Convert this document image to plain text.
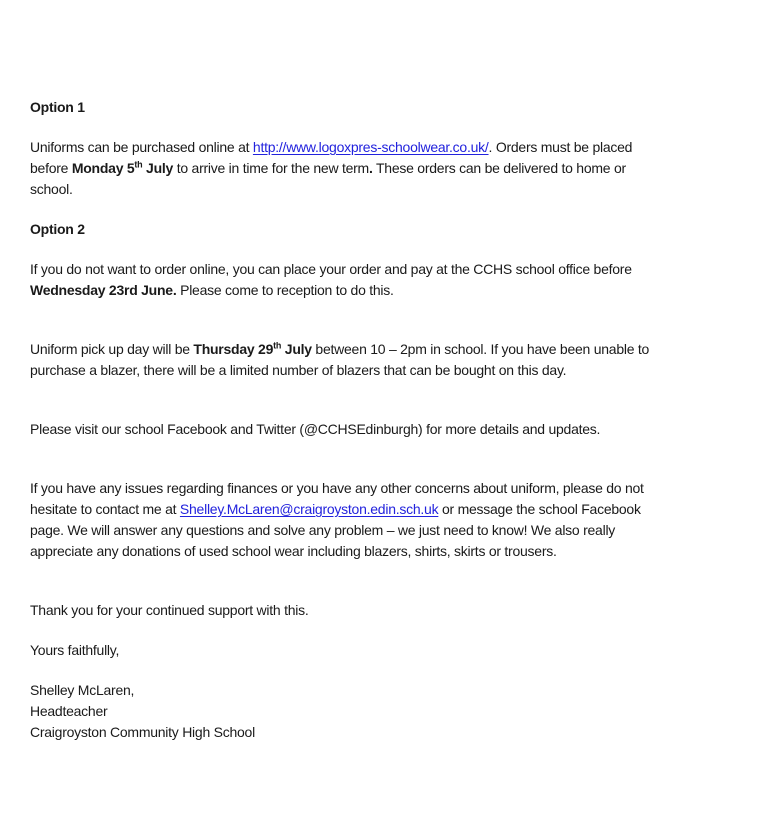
Option 1

Uniforms can be purchased online at http://www.logoxpres-schoolwear.co.uk/. Orders must be placed
before Monday 5th July to arrive in time for the new term. These orders can be delivered to home or
school.

Option 2

If you do not want to order online, you can place your order and pay at the CCHS school office before
Wednesday 23rd June. Please come to reception to do this.

Uniform pick up day will be Thursday 29th July between 10 – 2pm in school. If you have been unable to
purchase a blazer, there will be a limited number of blazers that can be bought on this day.

Please visit our school Facebook and Twitter (@CCHSEdinburgh) for more details and updates.

If you have any issues regarding finances or you have any other concerns about uniform, please do not
hesitate to contact me at Shelley.McLaren@craigroyston.edin.sch.uk or message the school Facebook
page. We will answer any questions and solve any problem – we just need to know! We also really
appreciate any donations of used school wear including blazers, shirts, skirts or trousers.

Thank you for your continued support with this.

Yours faithfully,

Shelley McLaren,

Headteacher

Craigroyston Community High School
